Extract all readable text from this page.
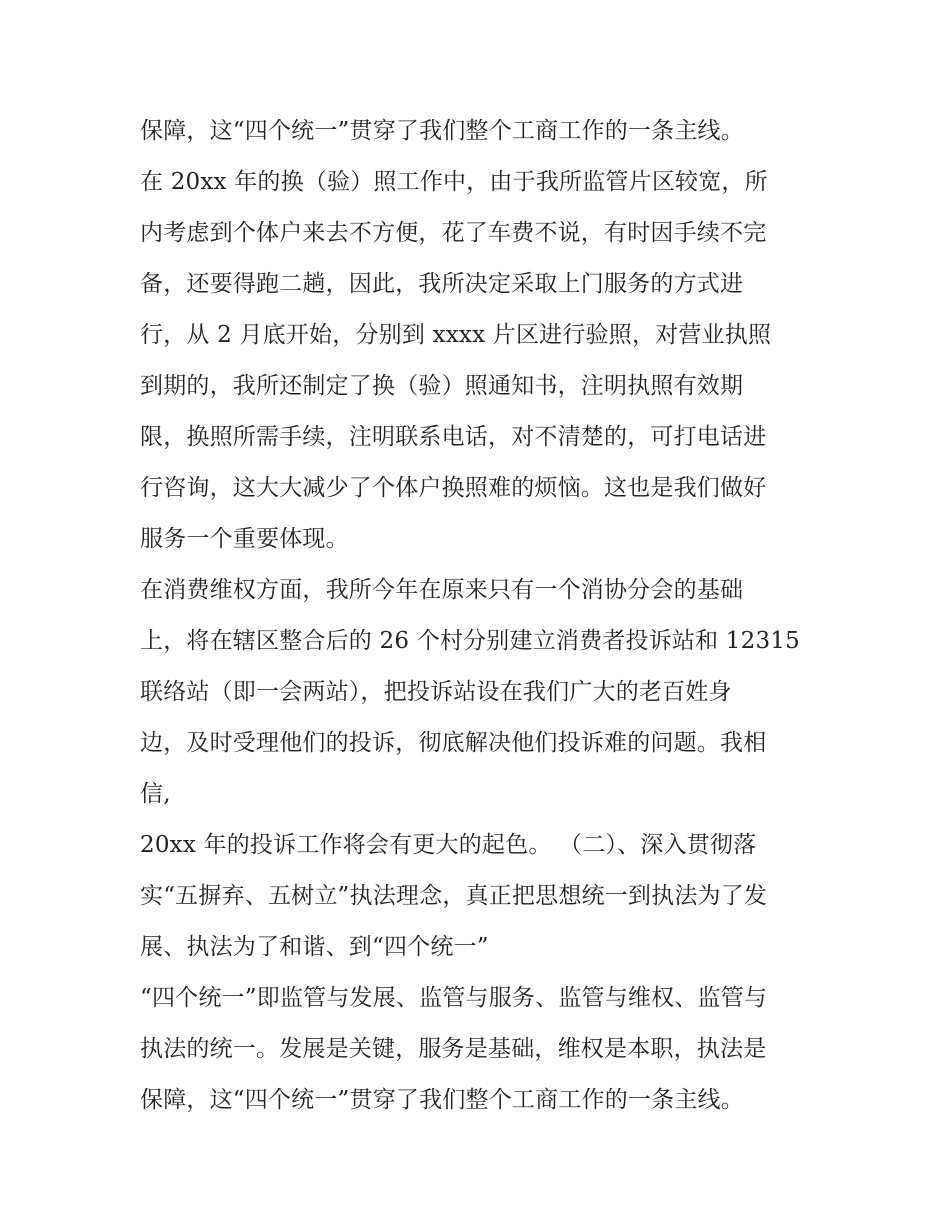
保障，这“四个统一”贯穿了我们整个工商工作的一条主线。
在 20xx 年的换（验）照工作中，由于我所监管片区较宽，所
内考虑到个体户来去不方便，花了车费不说，有时因手续不完
备，还要得跑二趟，因此，我所决定采取上门服务的方式进
行，从 2 月底开始，分别到 xxxx 片区进行验照，对营业执照
到期的，我所还制定了换（验）照通知书，注明执照有效期
限，换照所需手续，注明联系电话，对不清楚的，可打电话进
行咨询，这大大减少了个体户换照难的烦恼。这也是我们做好
服务一个重要体现。
在消费维权方面，我所今年在原来只有一个消协分会的基础
上，将在辖区整合后的 26 个村分别建立消费者投诉站和 12315
联络站（即一会两站），把投诉站设在我们广大的老百姓身
边，及时受理他们的投诉，彻底解决他们投诉难的问题。我相
信,
20xx 年的投诉工作将会有更大的起色。 （二）、深入贯彻落
实“五摒弃、五树立”执法理念，真正把思想统一到执法为了发
展、执法为了和谐、到“四个统一”
“四个统一”即监管与发展、监管与服务、监管与维权、监管与
执法的统一。发展是关键，服务是基础，维权是本职，执法是
保障，这“四个统一”贯穿了我们整个工商工作的一条主线。
